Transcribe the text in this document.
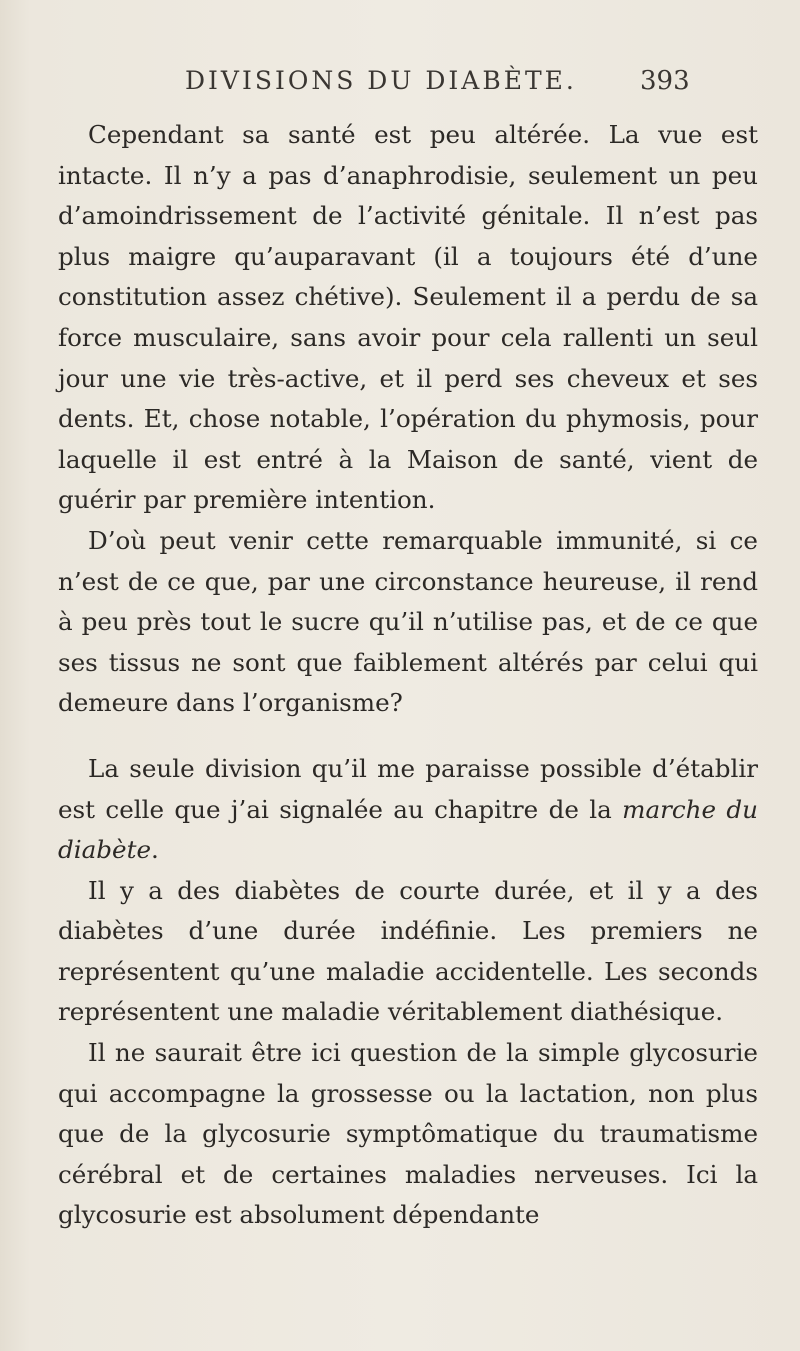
DIVISIONS DU DIABÈTE. 393

Cependant sa santé est peu altérée. La vue est intacte. Il n’y a pas d’anaphrodisie, seulement un peu d’amoindrissement de l’activité génitale. Il n’est pas plus maigre qu’auparavant (il a toujours été d’une constitution assez chétive). Seulement il a perdu de sa force musculaire, sans avoir pour cela rallenti un seul jour une vie très-active, et il perd ses cheveux et ses dents. Et, chose notable, l’opération du phymosis, pour laquelle il est entré à la Maison de santé, vient de guérir par première intention.

D’où peut venir cette remarquable immunité, si ce n’est de ce que, par une circonstance heureuse, il rend à peu près tout le sucre qu’il n’utilise pas, et de ce que ses tissus ne sont que faiblement altérés par celui qui demeure dans l’organisme?

La seule division qu’il me paraisse possible d’établir est celle que j’ai signalée au chapitre de la marche du diabète.

Il y a des diabètes de courte durée, et il y a des diabètes d’une durée indéfinie. Les premiers ne représentent qu’une maladie accidentelle. Les seconds représentent une maladie véritablement diathésique.

Il ne saurait être ici question de la simple glycosurie qui accompagne la grossesse ou la lactation, non plus que de la glycosurie symptômatique du traumatisme cérébral et de certaines maladies nerveuses. Ici la glycosurie est absolument dépendante
